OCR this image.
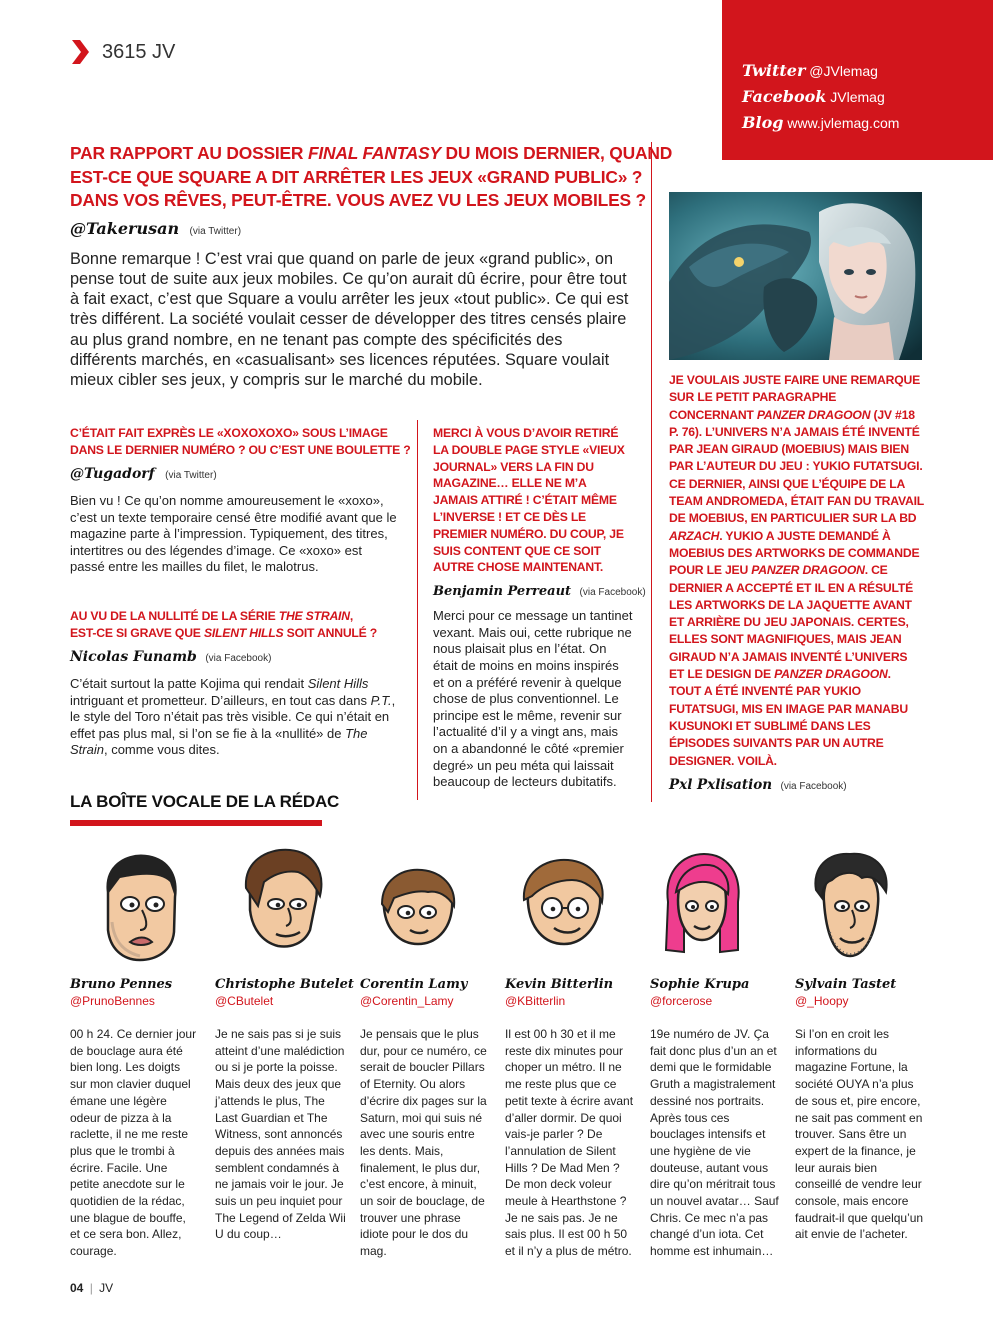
3615 JV
Twitter @JVlemag
Facebook JVlemag
Blog www.jvlemag.com
PAR RAPPORT AU DOSSIER FINAL FANTASY DU MOIS DERNIER, QUAND
EST-CE QUE SQUARE A DIT ARRÊTER LES JEUX «GRAND PUBLIC» ?
DANS VOS RÊVES, PEUT-ÊTRE. VOUS AVEZ VU LES JEUX MOBILES ?
@Takerusan (via Twitter)
Bonne remarque ! C’est vrai que quand on parle de jeux «grand public», on pense tout de suite aux jeux mobiles. Ce qu’on aurait dû écrire, pour être tout à fait exact, c’est que Square a voulu arrêter les jeux «tout public». Ce qui est très différent. La société voulait cesser de développer des titres censés plaire au plus grand nombre, en ne tenant pas compte des spécificités des différents marchés, en «casualisant» ses licences réputées. Square voulait mieux cibler ses jeux, y compris sur le marché du mobile.
C’ÉTAIT FAIT EXPRÈS LE «XOXOXOXO» SOUS L’IMAGE
DANS LE DERNIER NUMÉRO ? OU C’EST UNE BOULETTE ?
@Tugadorf (via Twitter)
Bien vu ! Ce qu’on nomme amoureusement le «xoxo», c’est un texte temporaire censé être modifié avant que le magazine parte à l’impression. Typiquement, des titres, intertitres ou des légendes d’image. Ce «xoxo» est passé entre les mailles du filet, le malotrus.
AU VU DE LA NULLITÉ DE LA SÉRIE THE STRAIN,
EST-CE SI GRAVE QUE SILENT HILLS SOIT ANNULÉ ?
Nicolas Funamb (via Facebook)
C’était surtout la patte Kojima qui rendait Silent Hills intriguant et prometteur. D’ailleurs, en tout cas dans P.T., le style del Toro n’était pas très visible. Ce qui n’était en effet pas plus mal, si l’on se fie à la «nullité» de The Strain, comme vous dites.
MERCI À VOUS D’AVOIR RETIRÉ LA DOUBLE PAGE STYLE «VIEUX JOURNAL» VERS LA FIN DU MAGAZINE… ELLE NE M’A JAMAIS ATTIRÉ ! C’ÉTAIT MÊME L’INVERSE ! ET CE DÈS LE PREMIER NUMÉRO. DU COUP, JE SUIS CONTENT QUE CE SOIT AUTRE CHOSE MAINTENANT.
Benjamin Perreaut (via Facebook)
Merci pour ce message un tantinet vexant. Mais oui, cette rubrique ne nous plaisait plus en l’état. On était de moins en moins inspirés et on a préféré revenir à quelque chose de plus conventionnel. Le principe est le même, revenir sur l’actualité d’il y a vingt ans, mais on a abandonné le côté «premier degré» un peu méta qui laissait beaucoup de lecteurs dubitatifs.
JE VOULAIS JUSTE FAIRE UNE REMARQUE SUR LE PETIT PARAGRAPHE CONCERNANT PANZER DRAGOON (JV #18 P. 76). L’UNIVERS N’A JAMAIS ÉTÉ INVENTÉ PAR JEAN GIRAUD (MOEBIUS) MAIS BIEN PAR L’AUTEUR DU JEU : YUKIO FUTATSUGI. CE DERNIER, AINSI QUE L’ÉQUIPE DE LA TEAM ANDROMEDA, ÉTAIT FAN DU TRAVAIL DE MOEBIUS, EN PARTICULIER SUR LA BD ARZACH. YUKIO A JUSTE DEMANDÉ À MOEBIUS DES ARTWORKS DE COMMANDE POUR LE JEU PANZER DRAGOON. CE DERNIER A ACCEPTÉ ET IL EN A RÉSULTÉ LES ARTWORKS DE LA JAQUETTE AVANT ET ARRIÈRE DU JEU JAPONAIS. CERTES, ELLES SONT MAGNIFIQUES, MAIS JEAN GIRAUD N’A JAMAIS INVENTÉ L’UNIVERS ET LE DESIGN DE PANZER DRAGOON. TOUT A ÉTÉ INVENTÉ PAR YUKIO FUTATSUGI, MIS EN IMAGE PAR MANABU KUSUNOKI ET SUBLIMÉ DANS LES ÉPISODES SUIVANTS PAR UN AUTRE DESIGNER. VOILÀ.
Pxl Pxlisation (via Facebook)
LA BOÎTE VOCALE DE LA RÉDAC
Bruno Pennes
@PrunoBennes
00 h 24. Ce dernier jour de bouclage aura été bien long. Les doigts sur mon clavier duquel émane une légère odeur de pizza à la raclette, il ne me reste plus que le trombi à écrire. Facile. Une petite anecdote sur le quotidien de la rédac, une blague de bouffe, et ce sera bon. Allez, courage.
Christophe Butelet
@CButelet
Je ne sais pas si je suis atteint d’une malédiction ou si je porte la poisse. Mais deux des jeux que j’attends le plus, The Last Guardian et The Witness, sont annoncés depuis des années mais semblent condamnés à ne jamais voir le jour. Je suis un peu inquiet pour The Legend of Zelda Wii U du coup…
Corentin Lamy
@Corentin_Lamy
Je pensais que le plus dur, pour ce numéro, ce serait de boucler Pillars of Eternity. Ou alors d’écrire dix pages sur la Saturn, moi qui suis né avec une souris entre les dents. Mais, finalement, le plus dur, c’est encore, à minuit, un soir de bouclage, de trouver une phrase idiote pour le dos du mag.
Kevin Bitterlin
@KBitterlin
Il est 00 h 30 et il me reste dix minutes pour choper un métro. Il ne me reste plus que ce petit texte à écrire avant d’aller dormir. De quoi vais-je parler ? De l’annulation de Silent Hills ? De Mad Men ? De mon deck voleur meule à Hearthstone ? Je ne sais pas. Je ne sais plus. Il est 00 h 50 et il n’y a plus de métro.
Sophie Krupa
@forcerose
19e numéro de JV. Ça fait donc plus d’un an et demi que le formidable Gruth a magistralement dessiné nos portraits. Après tous ces bouclages intensifs et une hygiène de vie douteuse, autant vous dire qu’on méritrait tous un nouvel avatar… Sauf Chris. Ce mec n’a pas changé d’un iota. Cet homme est inhumain…
Sylvain Tastet
@_Hoopy
Si l’on en croit les informations du magazine Fortune, la société OUYA n’a plus de sous et, pire encore, ne sait pas comment en trouver. Sans être un expert de la finance, je leur aurais bien conseillé de vendre leur console, mais encore faudrait-il que quelqu’un ait envie de l’acheter.
04 | JV
